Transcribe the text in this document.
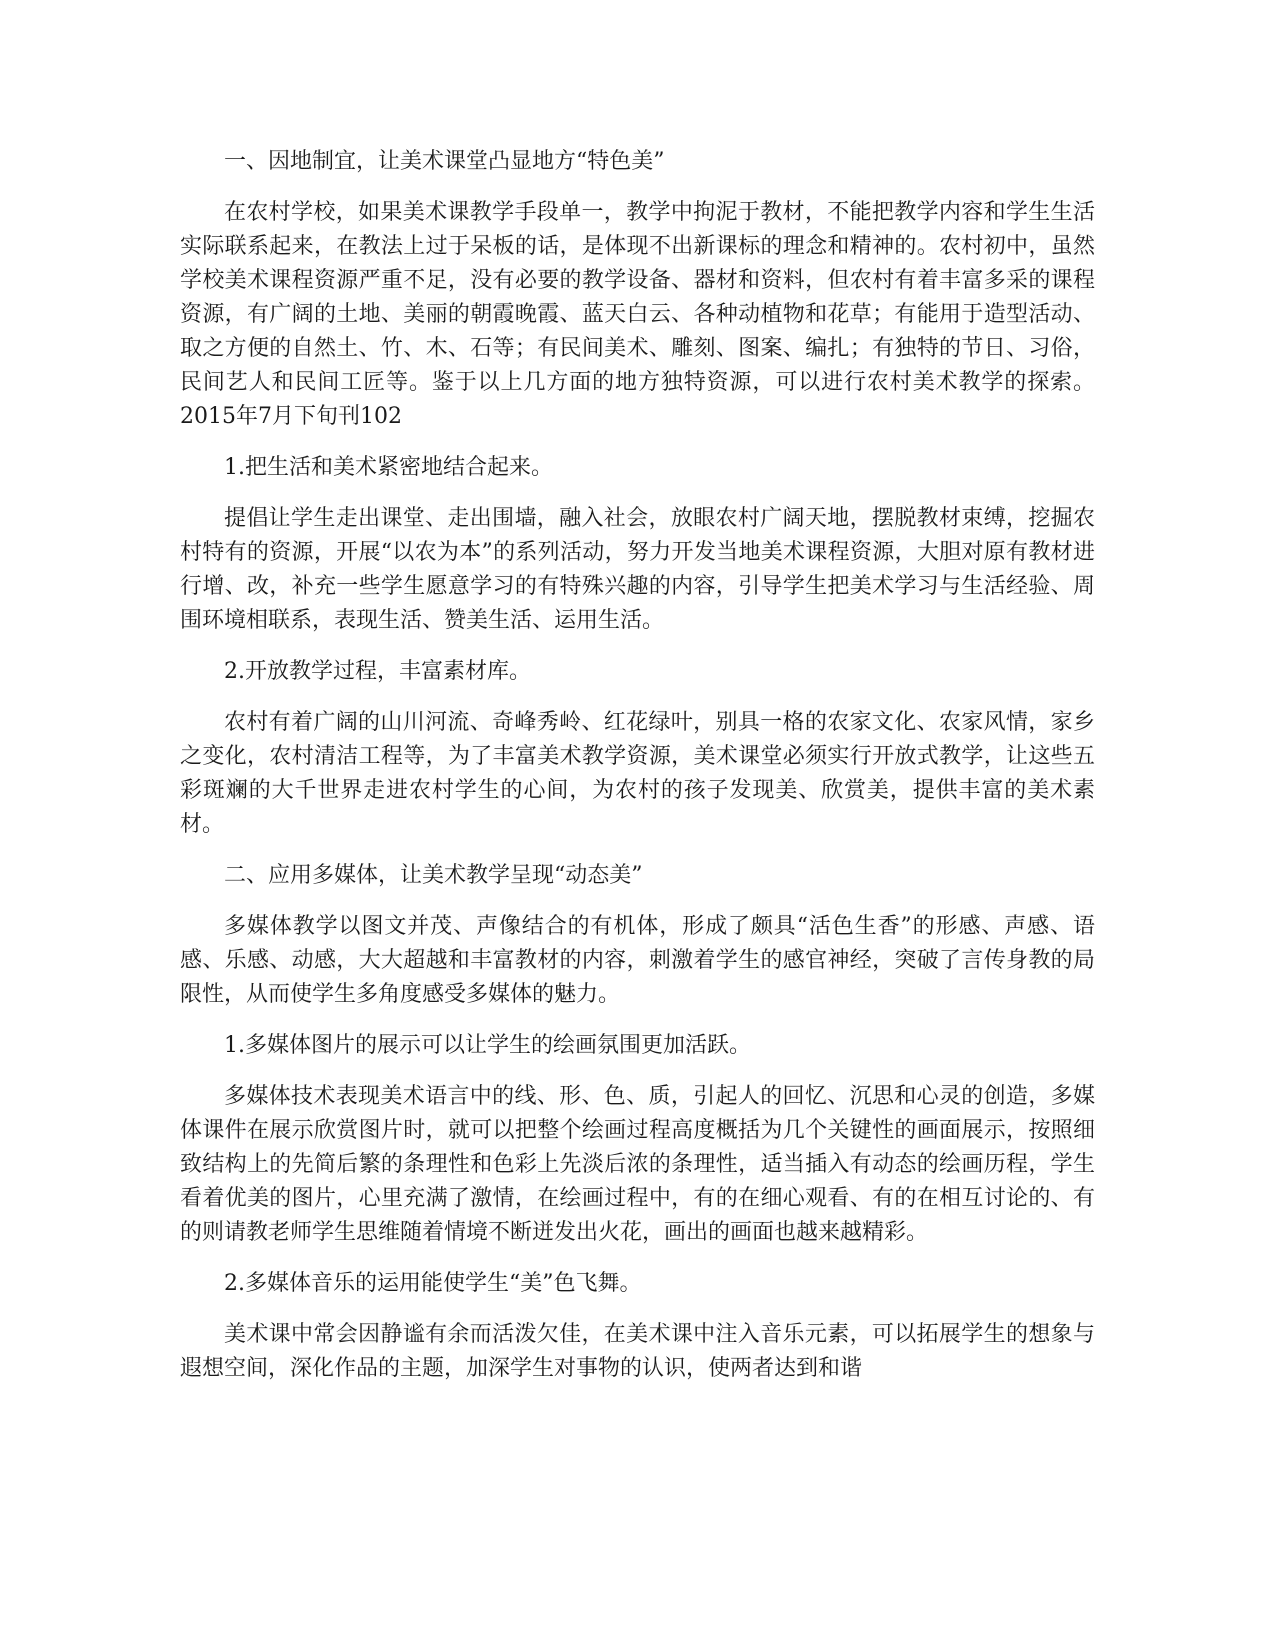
一、因地制宜，让美术课堂凸显地方“特色美”

在农村学校，如果美术课教学手段单一，教学中拘泥于教材，不能把教学内容和学生生活实际联系起来，在教法上过于呆板的话，是体现不出新课标的理念和精神的。农村初中，虽然学校美术课程资源严重不足，没有必要的教学设备、器材和资料，但农村有着丰富多采的课程资源，有广阔的土地、美丽的朝霞晚霞、蓝天白云、各种动植物和花草；有能用于造型活动、取之方便的自然土、竹、木、石等；有民间美术、雕刻、图案、编扎；有独特的节日、习俗，民间艺人和民间工匠等。鉴于以上几方面的地方独特资源，可以进行农村美术教学的探索。2015年7月下旬刊102

1.把生活和美术紧密地结合起来。

提倡让学生走出课堂、走出围墙，融入社会，放眼农村广阔天地，摆脱教材束缚，挖掘农村特有的资源，开展“以农为本”的系列活动，努力开发当地美术课程资源，大胆对原有教材进行增、改，补充一些学生愿意学习的有特殊兴趣的内容，引导学生把美术学习与生活经验、周围环境相联系，表现生活、赞美生活、运用生活。

2.开放教学过程，丰富素材库。

农村有着广阔的山川河流、奇峰秀岭、红花绿叶，别具一格的农家文化、农家风情，家乡之变化，农村清洁工程等，为了丰富美术教学资源，美术课堂必须实行开放式教学，让这些五彩斑斓的大千世界走进农村学生的心间，为农村的孩子发现美、欣赏美，提供丰富的美术素材。

二、应用多媒体，让美术教学呈现“动态美”

多媒体教学以图文并茂、声像结合的有机体，形成了颇具“活色生香”的形感、声感、语感、乐感、动感，大大超越和丰富教材的内容，刺激着学生的感官神经，突破了言传身教的局限性，从而使学生多角度感受多媒体的魅力。

1.多媒体图片的展示可以让学生的绘画氛围更加活跃。

多媒体技术表现美术语言中的线、形、色、质，引起人的回忆、沉思和心灵的创造，多媒体课件在展示欣赏图片时，就可以把整个绘画过程高度概括为几个关键性的画面展示，按照细致结构上的先简后繁的条理性和色彩上先淡后浓的条理性，适当插入有动态的绘画历程，学生看着优美的图片，心里充满了激情，在绘画过程中，有的在细心观看、有的在相互讨论的、有的则请教老师学生思维随着情境不断迸发出火花，画出的画面也越来越精彩。

2.多媒体音乐的运用能使学生“美”色飞舞。

美术课中常会因静谧有余而活泼欠佳，在美术课中注入音乐元素，可以拓展学生的想象与遐想空间，深化作品的主题，加深学生对事物的认识，使两者达到和谐
